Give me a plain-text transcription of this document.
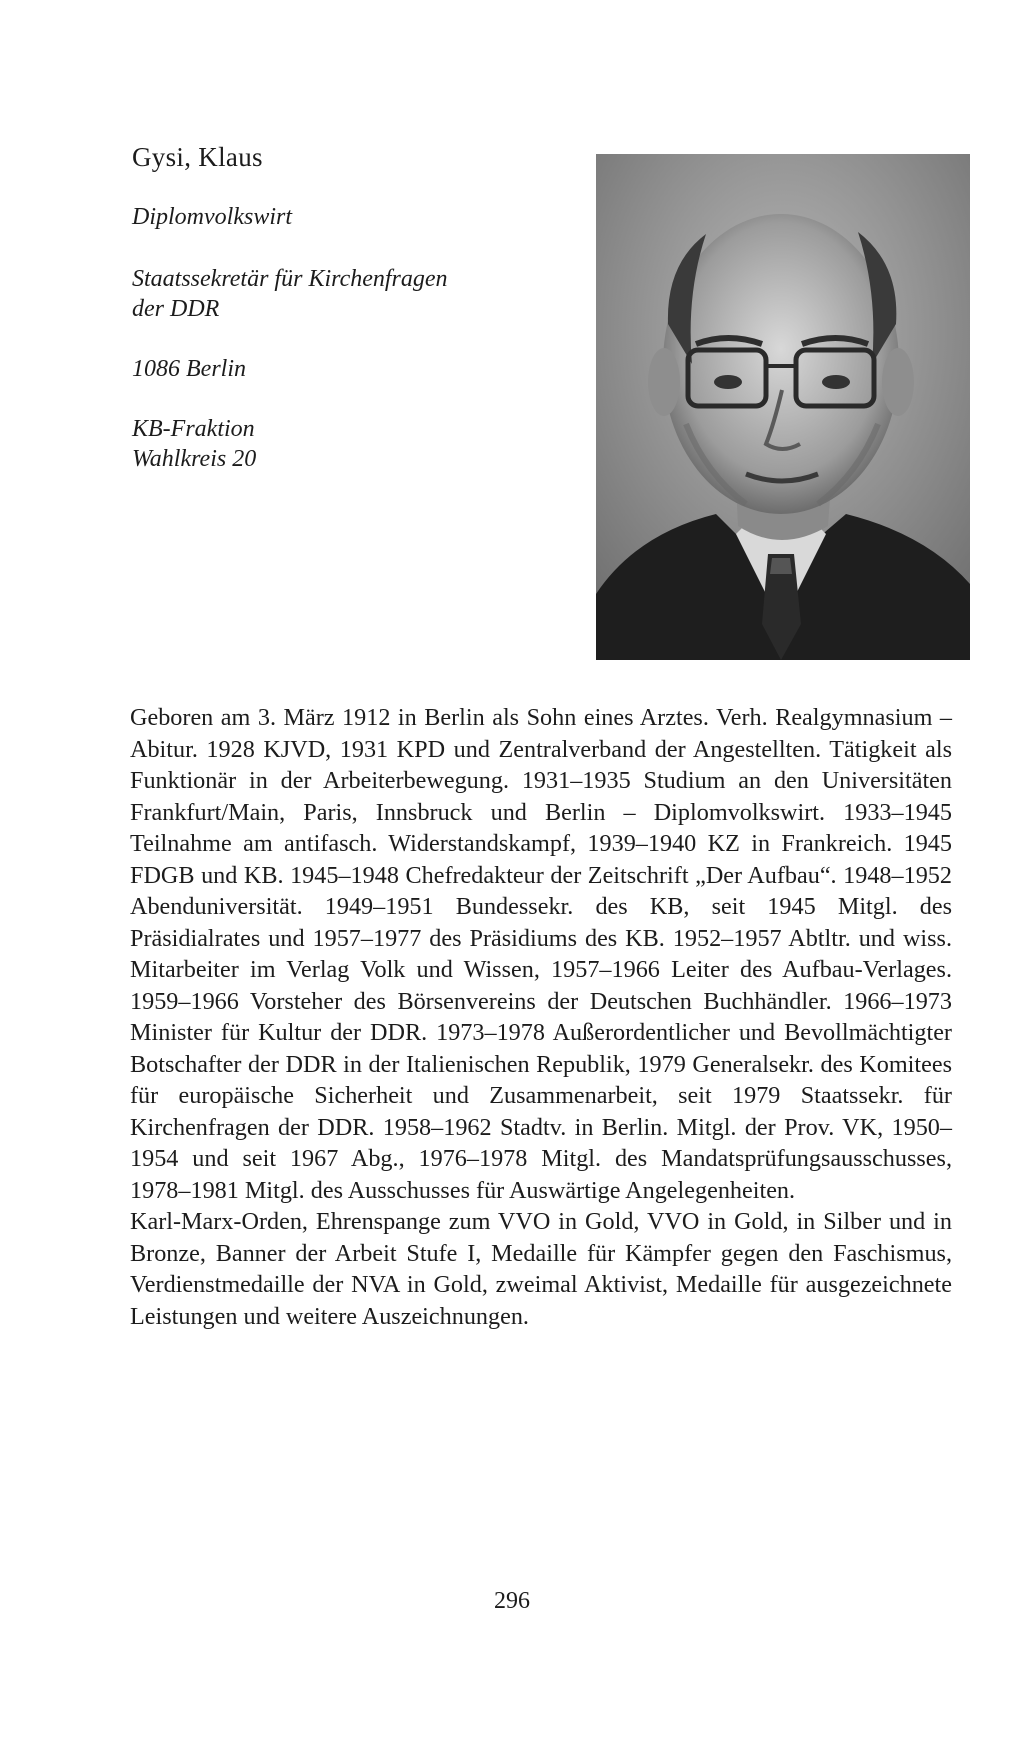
Gysi, Klaus

Diplomvolkswirt

Staatssekretär für Kirchenfragen

der DDR

1086 Berlin

KB-Fraktion

Wahlkreis 20

Geboren am 3. März 1912 in Berlin als Sohn eines Arztes. Verh. Realgymnasium – Abitur. 1928 KJVD, 1931 KPD und Zentralverband der Angestellten. Tätigkeit als Funktionär in der Arbeiterbewegung. 1931–1935 Studium an den Universitäten Frankfurt/Main, Paris, Innsbruck und Berlin – Diplomvolkswirt. 1933–1945 Teilnahme am antifasch. Widerstandskampf, 1939–1940 KZ in Frankreich. 1945 FDGB und KB. 1945–1948 Chefredakteur der Zeitschrift „Der Aufbau“. 1948–1952 Abenduniversität. 1949–1951 Bundessekr. des KB, seit 1945 Mitgl. des Präsidialrates und 1957–1977 des Präsidiums des KB. 1952–1957 Abtltr. und wiss. Mitarbeiter im Verlag Volk und Wissen, 1957–1966 Leiter des Aufbau-Verlages. 1959–1966 Vorsteher des Börsenvereins der Deutschen Buchhändler. 1966–1973 Minister für Kultur der DDR. 1973–1978 Außerordentlicher und Bevollmächtigter Botschafter der DDR in der Italienischen Republik, 1979 Generalsekr. des Komitees für europäische Sicherheit und Zusammenarbeit, seit 1979 Staatssekr. für Kirchenfragen der DDR. 1958–1962 Stadtv. in Berlin. Mitgl. der Prov. VK, 1950–1954 und seit 1967 Abg., 1976–1978 Mitgl. des Mandatsprüfungsausschusses, 1978–1981 Mitgl. des Ausschusses für Auswärtige Angelegenheiten.

Karl-Marx-Orden, Ehrenspange zum VVO in Gold, VVO in Gold, in Silber und in Bronze, Banner der Arbeit Stufe I, Medaille für Kämpfer gegen den Faschismus, Verdienstmedaille der NVA in Gold, zweimal Aktivist, Medaille für ausgezeichnete Leistungen und weitere Auszeichnungen.

296
